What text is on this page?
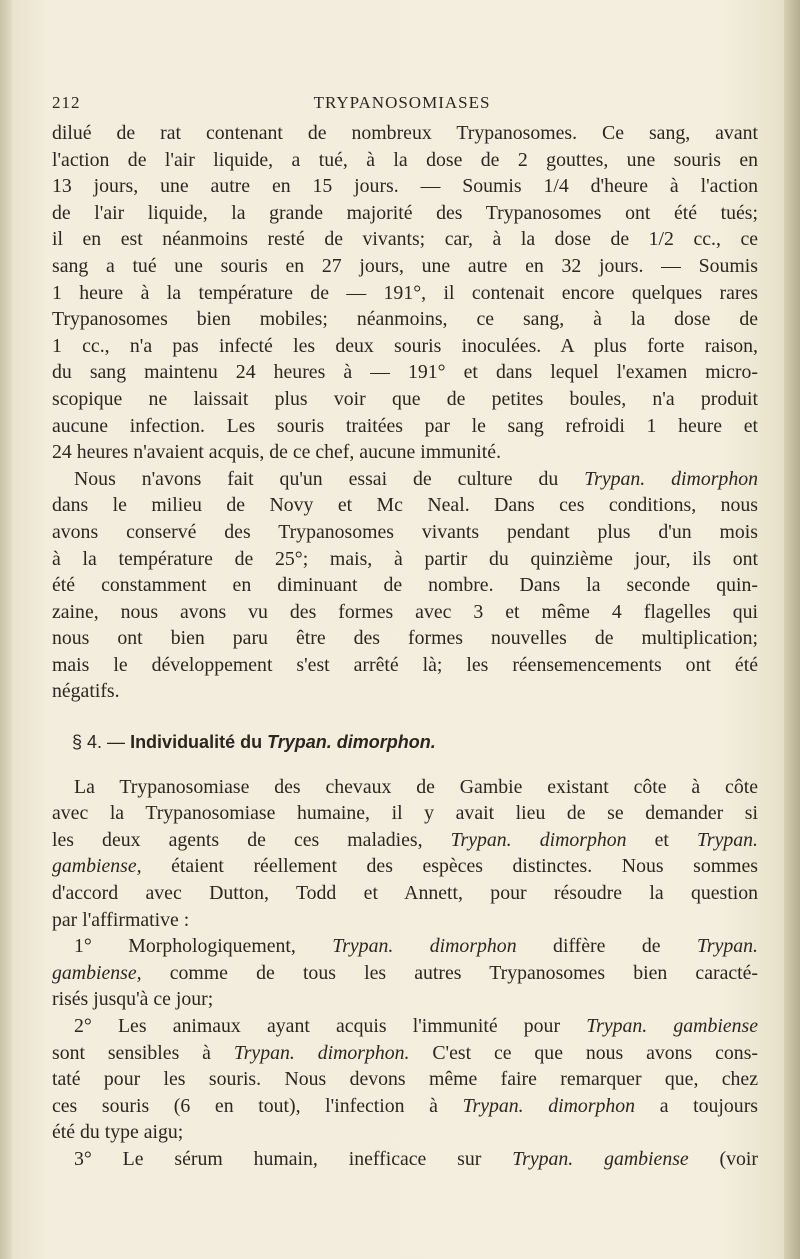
212	TRYPANOSOMIASES

dilué de rat contenant de nombreux Trypanosomes. Ce sang, avant
l'action de l'air liquide, a tué, à la dose de 2 gouttes, une souris en
13 jours, une autre en 15 jours. — Soumis 1/4 d'heure à l'action
de l'air liquide, la grande majorité des Trypanosomes ont été tués;
il en est néanmoins resté de vivants; car, à la dose de 1/2 cc., ce
sang a tué une souris en 27 jours, une autre en 32 jours. — Soumis
1 heure à la température de — 191°, il contenait encore quelques rares
Trypanosomes bien mobiles; néanmoins, ce sang, à la dose de
1 cc., n'a pas infecté les deux souris inoculées. A plus forte raison,
du sang maintenu 24 heures à — 191° et dans lequel l'examen micro-
scopique ne laissait plus voir que de petites boules, n'a produit
aucune infection. Les souris traitées par le sang refroidi 1 heure et
24 heures n'avaient acquis, de ce chef, aucune immunité.

Nous n'avons fait qu'un essai de culture du Trypan. dimorphon
dans le milieu de Novy et Mc Neal. Dans ces conditions, nous
avons conservé des Trypanosomes vivants pendant plus d'un mois
à la température de 25°; mais, à partir du quinzième jour, ils ont
été constamment en diminuant de nombre. Dans la seconde quin-
zaine, nous avons vu des formes avec 3 et même 4 flagelles qui
nous ont bien paru être des formes nouvelles de multiplication;
mais le développement s'est arrêté là; les réensemencements ont été
négatifs.

§ 4. — Individualité du Trypan. dimorphon.

La Trypanosomiase des chevaux de Gambie existant côte à côte
avec la Trypanosomiase humaine, il y avait lieu de se demander si
les deux agents de ces maladies, Trypan. dimorphon et Trypan.
gambiense, étaient réellement des espèces distinctes. Nous sommes
d'accord avec Dutton, Todd et Annett, pour résoudre la question
par l'affirmative :

1° Morphologiquement, Trypan. dimorphon diffère de Trypan.
gambiense, comme de tous les autres Trypanosomes bien caracté-
risés jusqu'à ce jour;

2° Les animaux ayant acquis l'immunité pour Trypan. gambiense
sont sensibles à Trypan. dimorphon. C'est ce que nous avons cons-
taté pour les souris. Nous devons même faire remarquer que, chez
ces souris (6 en tout), l'infection à Trypan. dimorphon a toujours
été du type aigu;

3° Le sérum humain, inefficace sur Trypan. gambiense (voir
